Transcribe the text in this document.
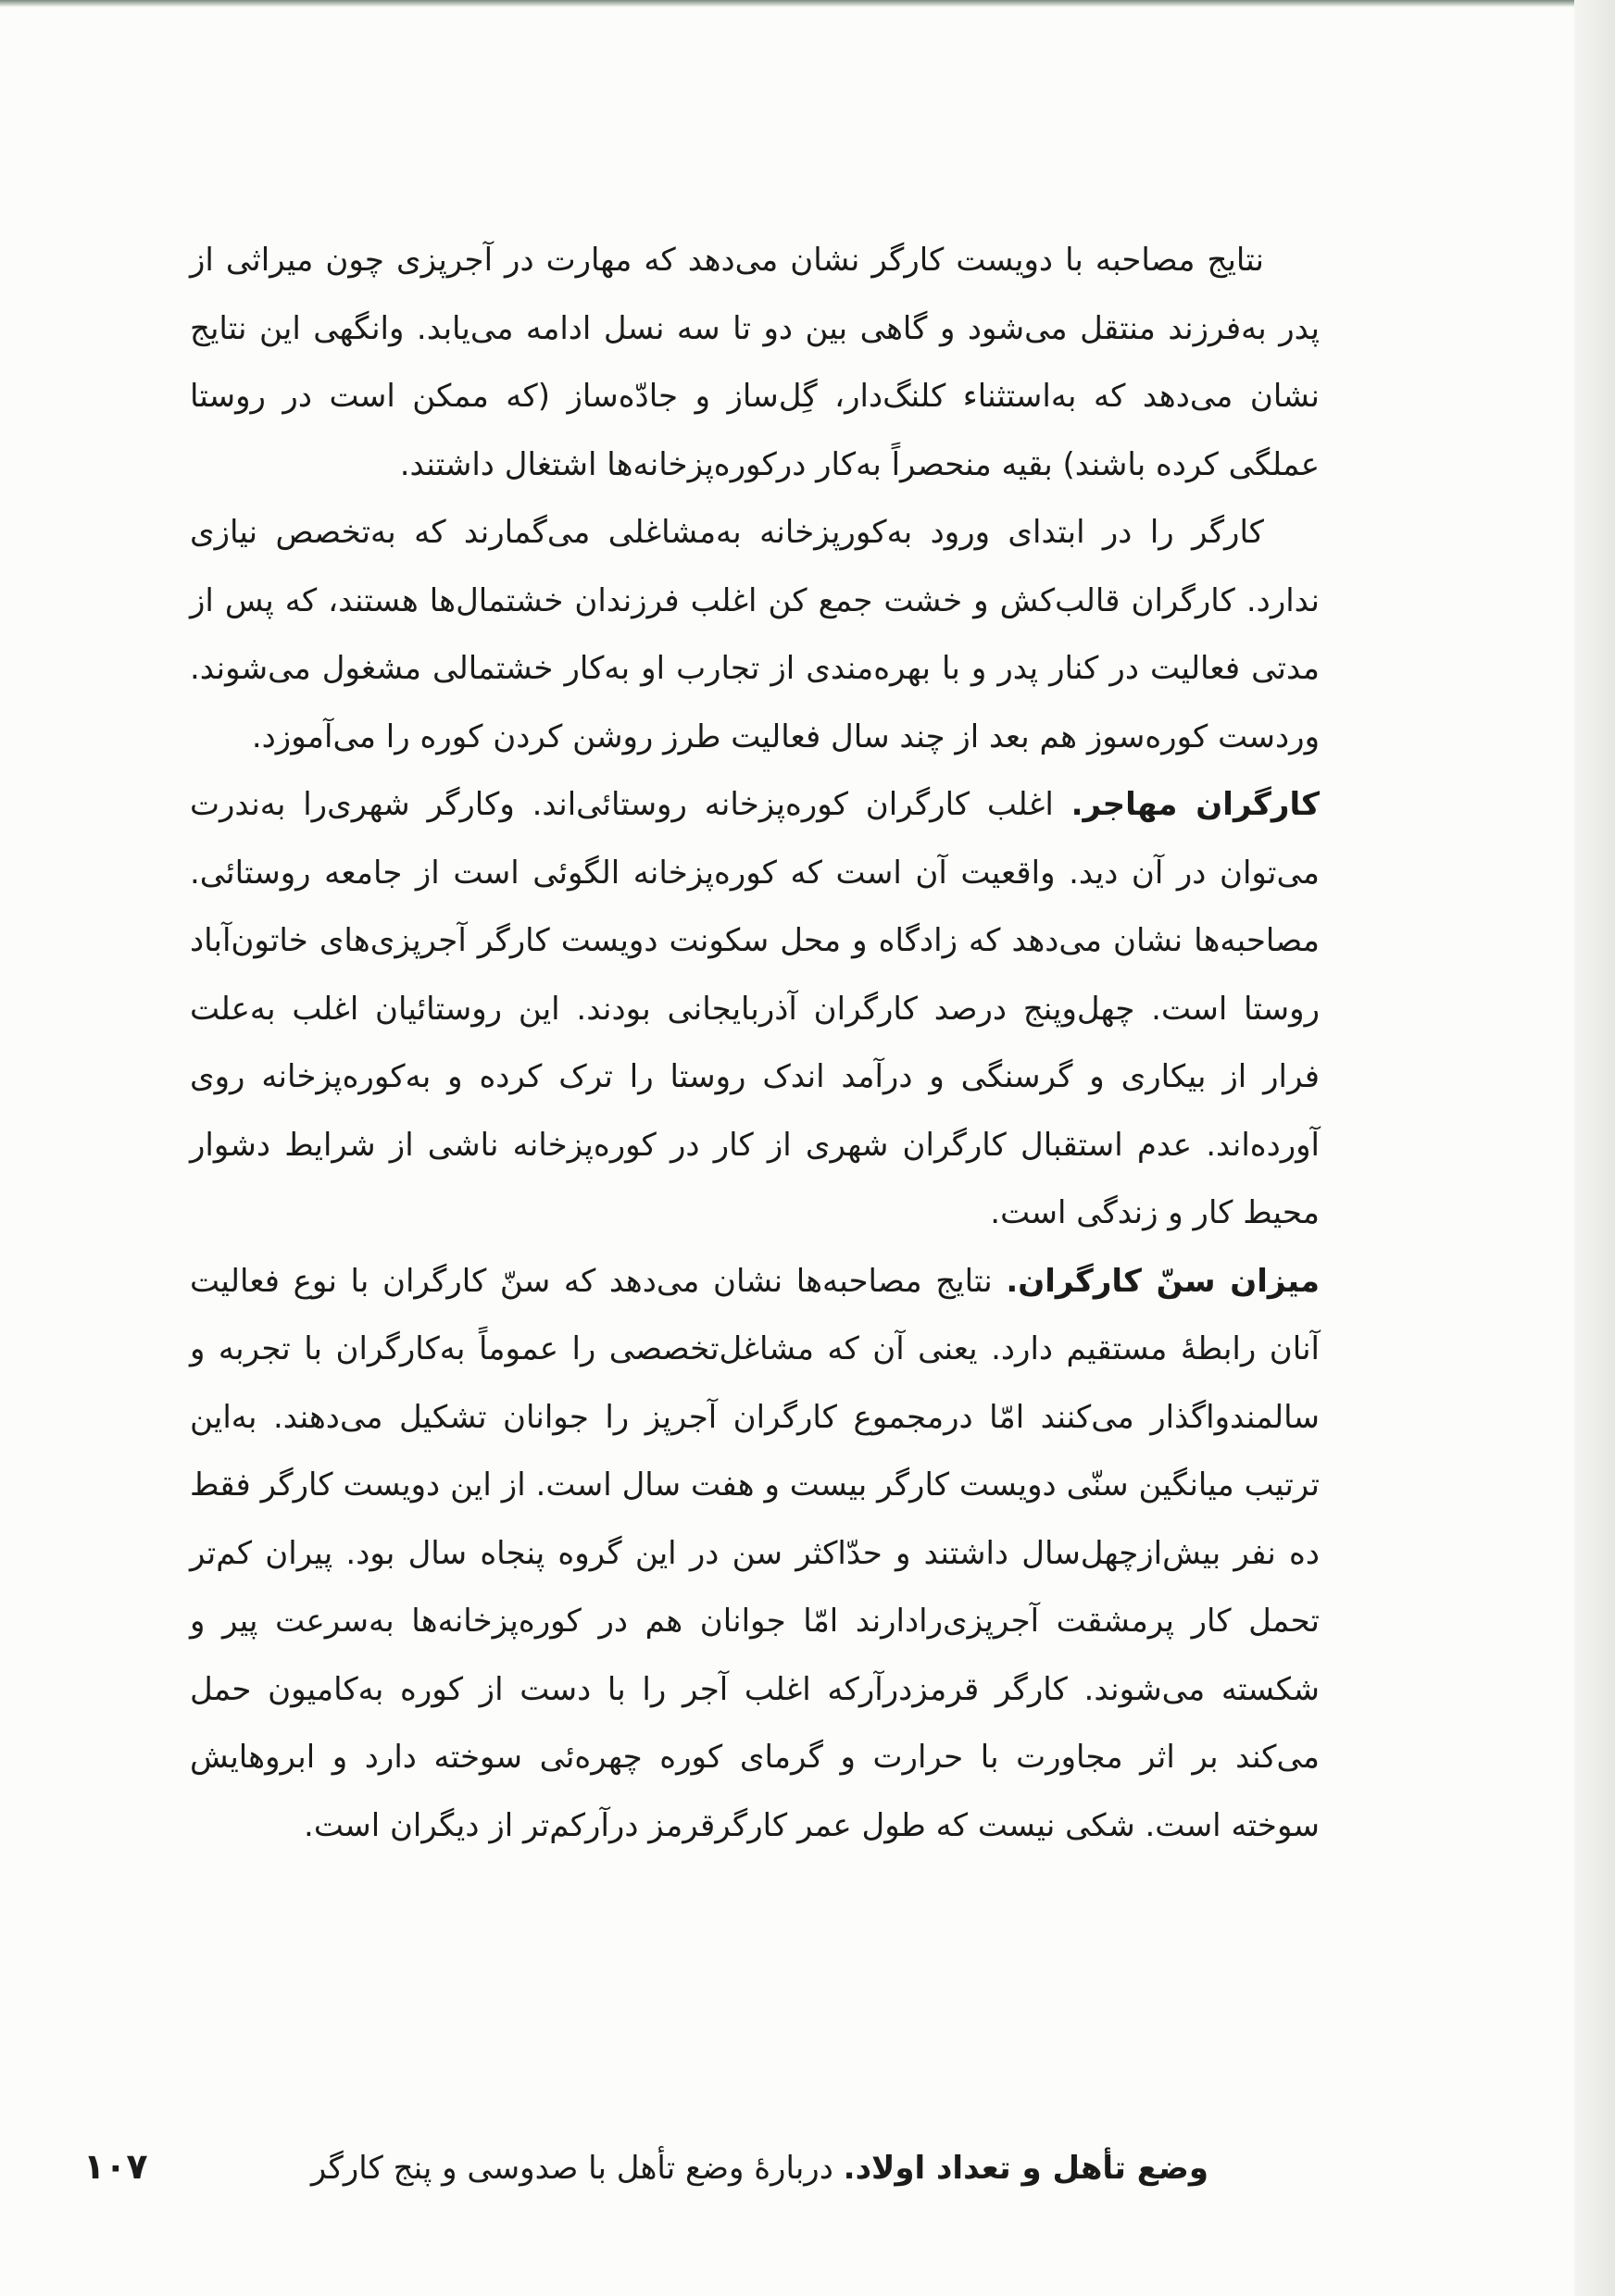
نتایج مصاحبه با دویست کارگر نشان می‌دهد که مهارت در آجرپزی چون میراثی از پدر به‌فرزند منتقل می‌شود و گاهی بین دو تا سه نسل ادامه می‌یابد. وانگهی این نتایج نشان می‌دهد که به‌استثناء کلنگ‌دار، گِل‌ساز و جادّه‌ساز (که ممکن است در روستا عملگی کرده باشند) بقیه منحصراً به‌کار درکوره‌پزخانه‌ها اشتغال داشتند.

کارگر را در ابتدای ورود به‌کورپزخانه به‌مشاغلی می‌گمارند که به‌تخصص نیازی ندارد. کارگران قالب‌کش و خشت جمع کن اغلب فرزندان خشتمال‌ها هستند، که پس از مدتی فعالیت در کنار پدر و با بهره‌مندی از تجارب او به‌کار خشتمالی مشغول می‌شوند. وردست کوره‌سوز هم بعد از چند سال فعالیت طرز روشن کردن کوره را می‌آموزد.

کارگران مهاجر. اغلب کارگران کوره‌پزخانه روستائی‌اند. وکارگر شهری‌را به‌ندرت می‌توان در آن دید. واقعیت آن است که کوره‌پزخانه الگوئی است از جامعه روستائی. مصاحبه‌ها نشان می‌دهد که زادگاه و محل سکونت دویست کارگر آجرپزی‌های خاتون‌آباد روستا است. چهل‌وپنج درصد کارگران آذربایجانی بودند. این روستائیان اغلب به‌علت فرار از بیکاری و گرسنگی و درآمد اندک روستا را ترک کرده و به‌کوره‌پزخانه روی آورده‌اند. عدم استقبال کارگران شهری از کار در کوره‌پزخانه ناشی از شرایط دشوار محیط کار و زندگی است.

میزان سنّ کارگران. نتایج مصاحبه‌ها نشان می‌دهد که سنّ کارگران با نوع فعالیت آنان رابطهٔ مستقیم دارد. یعنی آن که مشاغل‌تخصصی را عموماً به‌کارگران با تجربه و سالمندواگذار می‌کنند امّا درمجموع کارگران آجرپز را جوانان تشکیل می‌دهند. به‌این ترتیب میانگین سنّی دویست کارگر بیست و هفت سال است. از این دویست کارگر فقط ده نفر بیش‌ازچهل‌سال داشتند و حدّاکثر سن در این گروه پنجاه سال بود. پیران کم‌تر تحمل کار پرمشقت آجرپزی‌رادارند امّا جوانان هم در کوره‌پزخانه‌ها به‌سرعت پیر و شکسته می‌شوند. کارگر قرمزدرآرکه اغلب آجر را با دست از کوره به‌کامیون حمل می‌کند بر اثر مجاورت با حرارت و گرمای کوره چهره‌ئی سوخته دارد و ابروهایش سوخته است. شکی نیست که طول عمر کارگرقرمز درآرکم‌تر از دیگران است.

وضع تأهل و تعداد اولاد. دربارهٔ وضع تأهل با صدوسی و پنج کارگر
۱۰۷
